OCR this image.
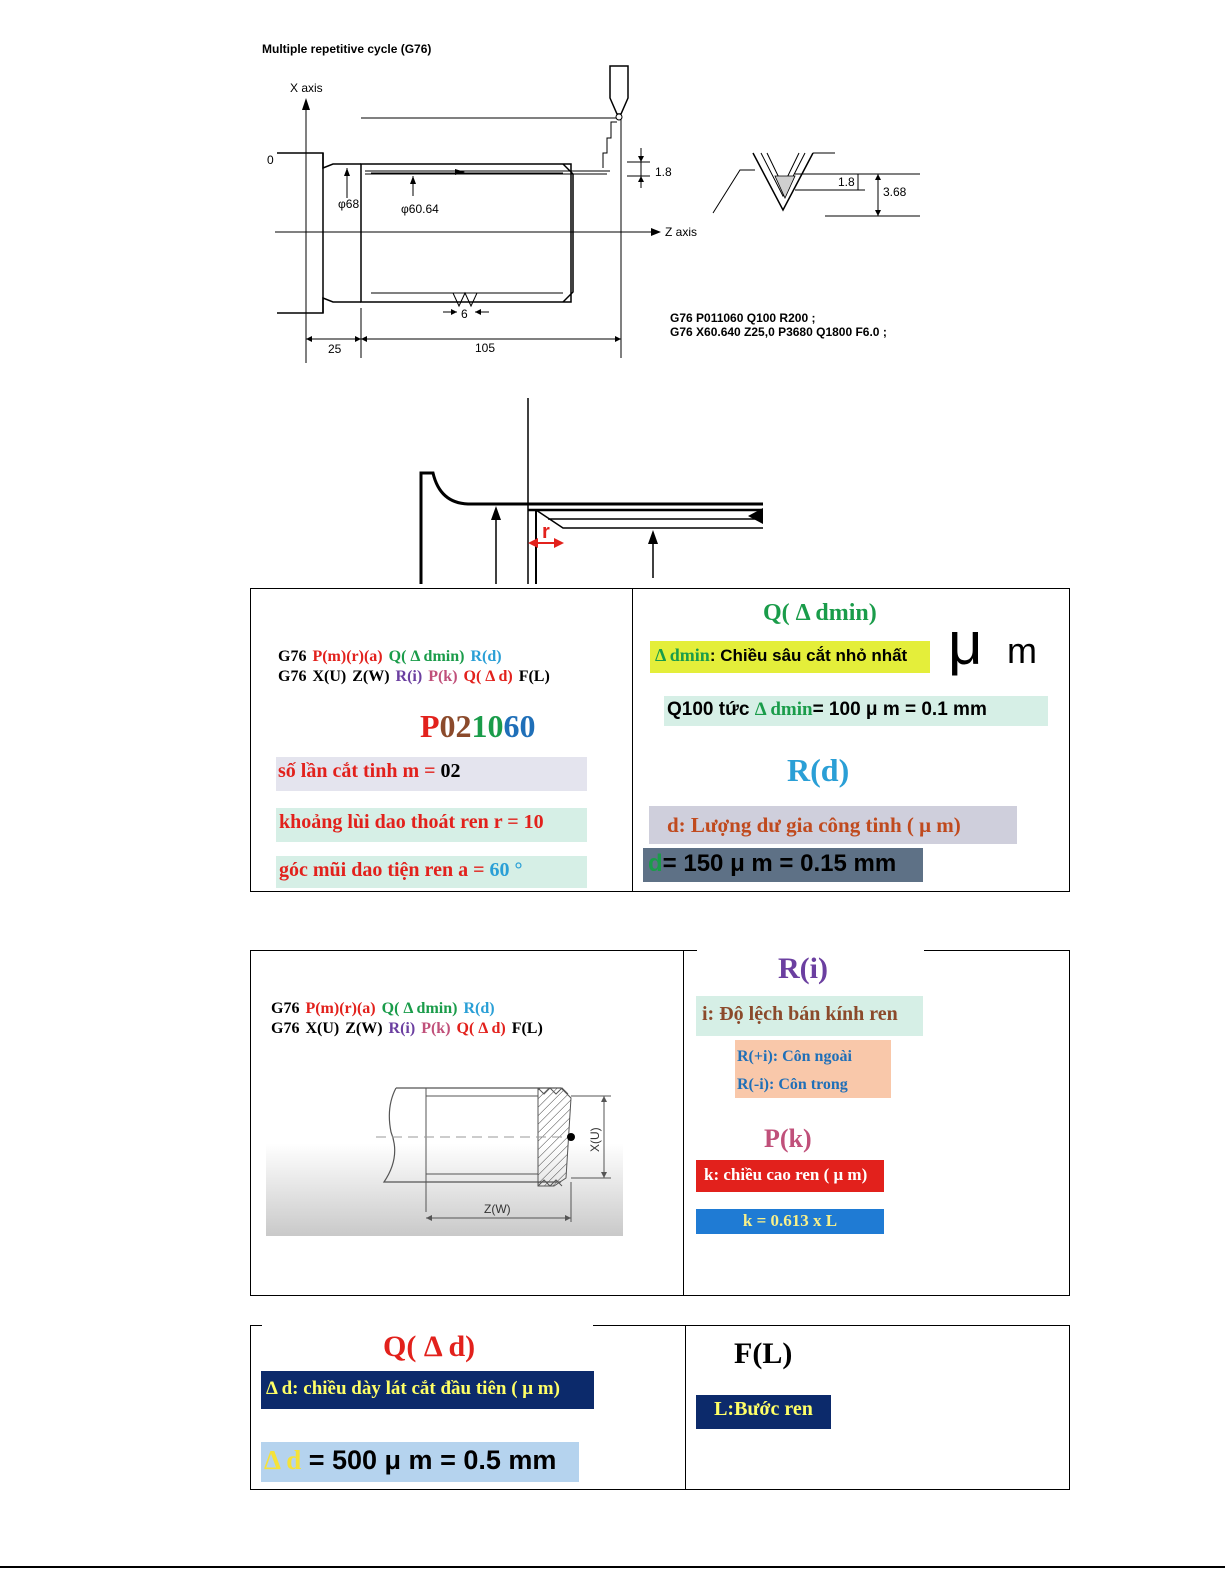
Multiple repetitive cycle (G76)
1.8
φ68	φ60.64
X axis
0
Z axis
6
25	105
1.8
3.68
G76 P011060 Q100 R200 ;
G76 X60.640 Z25,0 P3680 Q1800 F6.0 ;
r
G76 P(m)(r)(a) Q( Δ dmin) R(d)
G76 X(U) Z(W) R(i) P(k) Q( Δ d) F(L)
P021060
số lần cắt tinh m = 02
khoảng lùi dao thoát ren r = 10
góc mũi dao tiện ren a = 60 °
Q( Δ dmin)
Δ dmin: Chiều sâu cắt nhỏ nhất μ m
Q100 tức Δ dmin= 100 μ m = 0.1 mm
R(d)
d: Lượng dư gia công tinh ( μ m)
d= 150 μ m = 0.15 mm
G76 P(m)(r)(a) Q( Δ dmin) R(d)
G76 X(U) Z(W) R(i) P(k) Q( Δ d) F(L)
X(U)
Z(W)
R(i)
i: Độ lệch bán kính ren
R(+i): Côn ngoài
R(-i): Côn trong
P(k)
k: chiều cao ren ( μ m)
k = 0.613 x L
Q( Δ d)
Δ d: chiều dày lát cắt đầu tiên ( μ m)
Δ d = 500 μ m = 0.5 mm
F(L)
L:Bước ren
